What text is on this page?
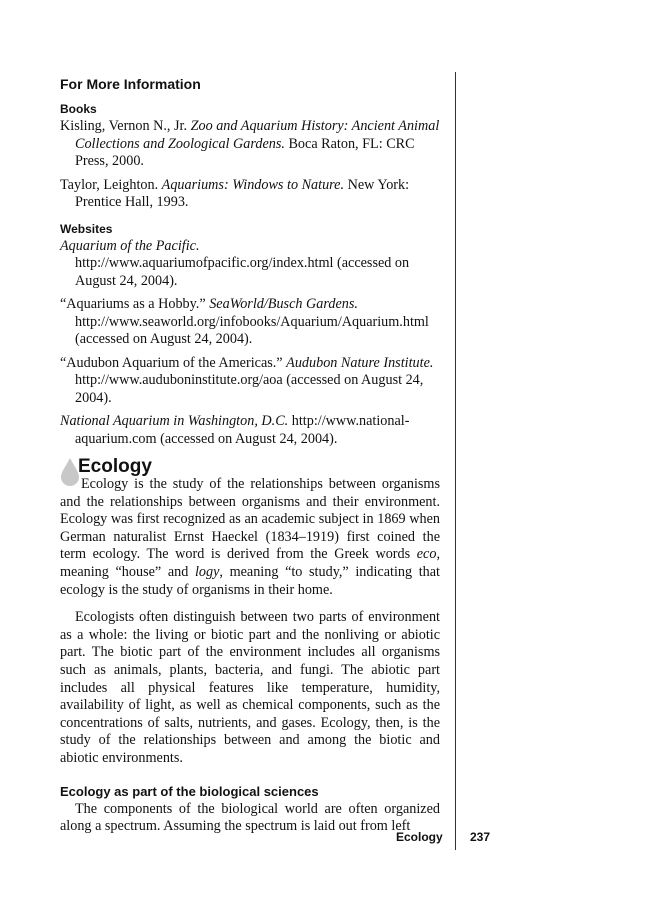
For More Information
Books

Kisling, Vernon N., Jr. Zoo and Aquarium History: Ancient Animal Collections and Zoological Gardens. Boca Raton, FL: CRC Press, 2000.

Taylor, Leighton. Aquariums: Windows to Nature. New York: Prentice Hall, 1993.

Websites

Aquarium of the Pacific. http://www.aquariumofpacific.org/index.html (accessed on August 24, 2004).

“Aquariums as a Hobby.” SeaWorld/Busch Gardens. http://www.seaworld.org/infobooks/Aquarium/Aquarium.html (accessed on August 24, 2004).

“Audubon Aquarium of the Americas.” Audubon Nature Institute. http://www.auduboninstitute.org/aoa (accessed on August 24, 2004).

National Aquarium in Washington, D.C. http://www.national-aquarium.com (accessed on August 24, 2004).

Ecology

Ecology is the study of the relationships between organisms and the relationships between organisms and their environment. Ecology was first recognized as an academic subject in 1869 when German naturalist Ernst Haeckel (1834–1919) first coined the term ecology. The word is derived from the Greek words eco, meaning “house” and logy, meaning “to study,” indicating that ecology is the study of organisms in their home.

Ecologists often distinguish between two parts of environment as a whole: the living or biotic part and the nonliving or abiotic part. The biotic part of the environment includes all organisms such as animals, plants, bacteria, and fungi. The abiotic part includes all physical features like temperature, humidity, availability of light, as well as chemical components, such as the concentrations of salts, nutrients, and gases. Ecology, then, is the study of the relationships between and among the biotic and abiotic environments.

Ecology as part of the biological sciences

The components of the biological world are often organized along a spectrum. Assuming the spectrum is laid out from left

Ecology 237
